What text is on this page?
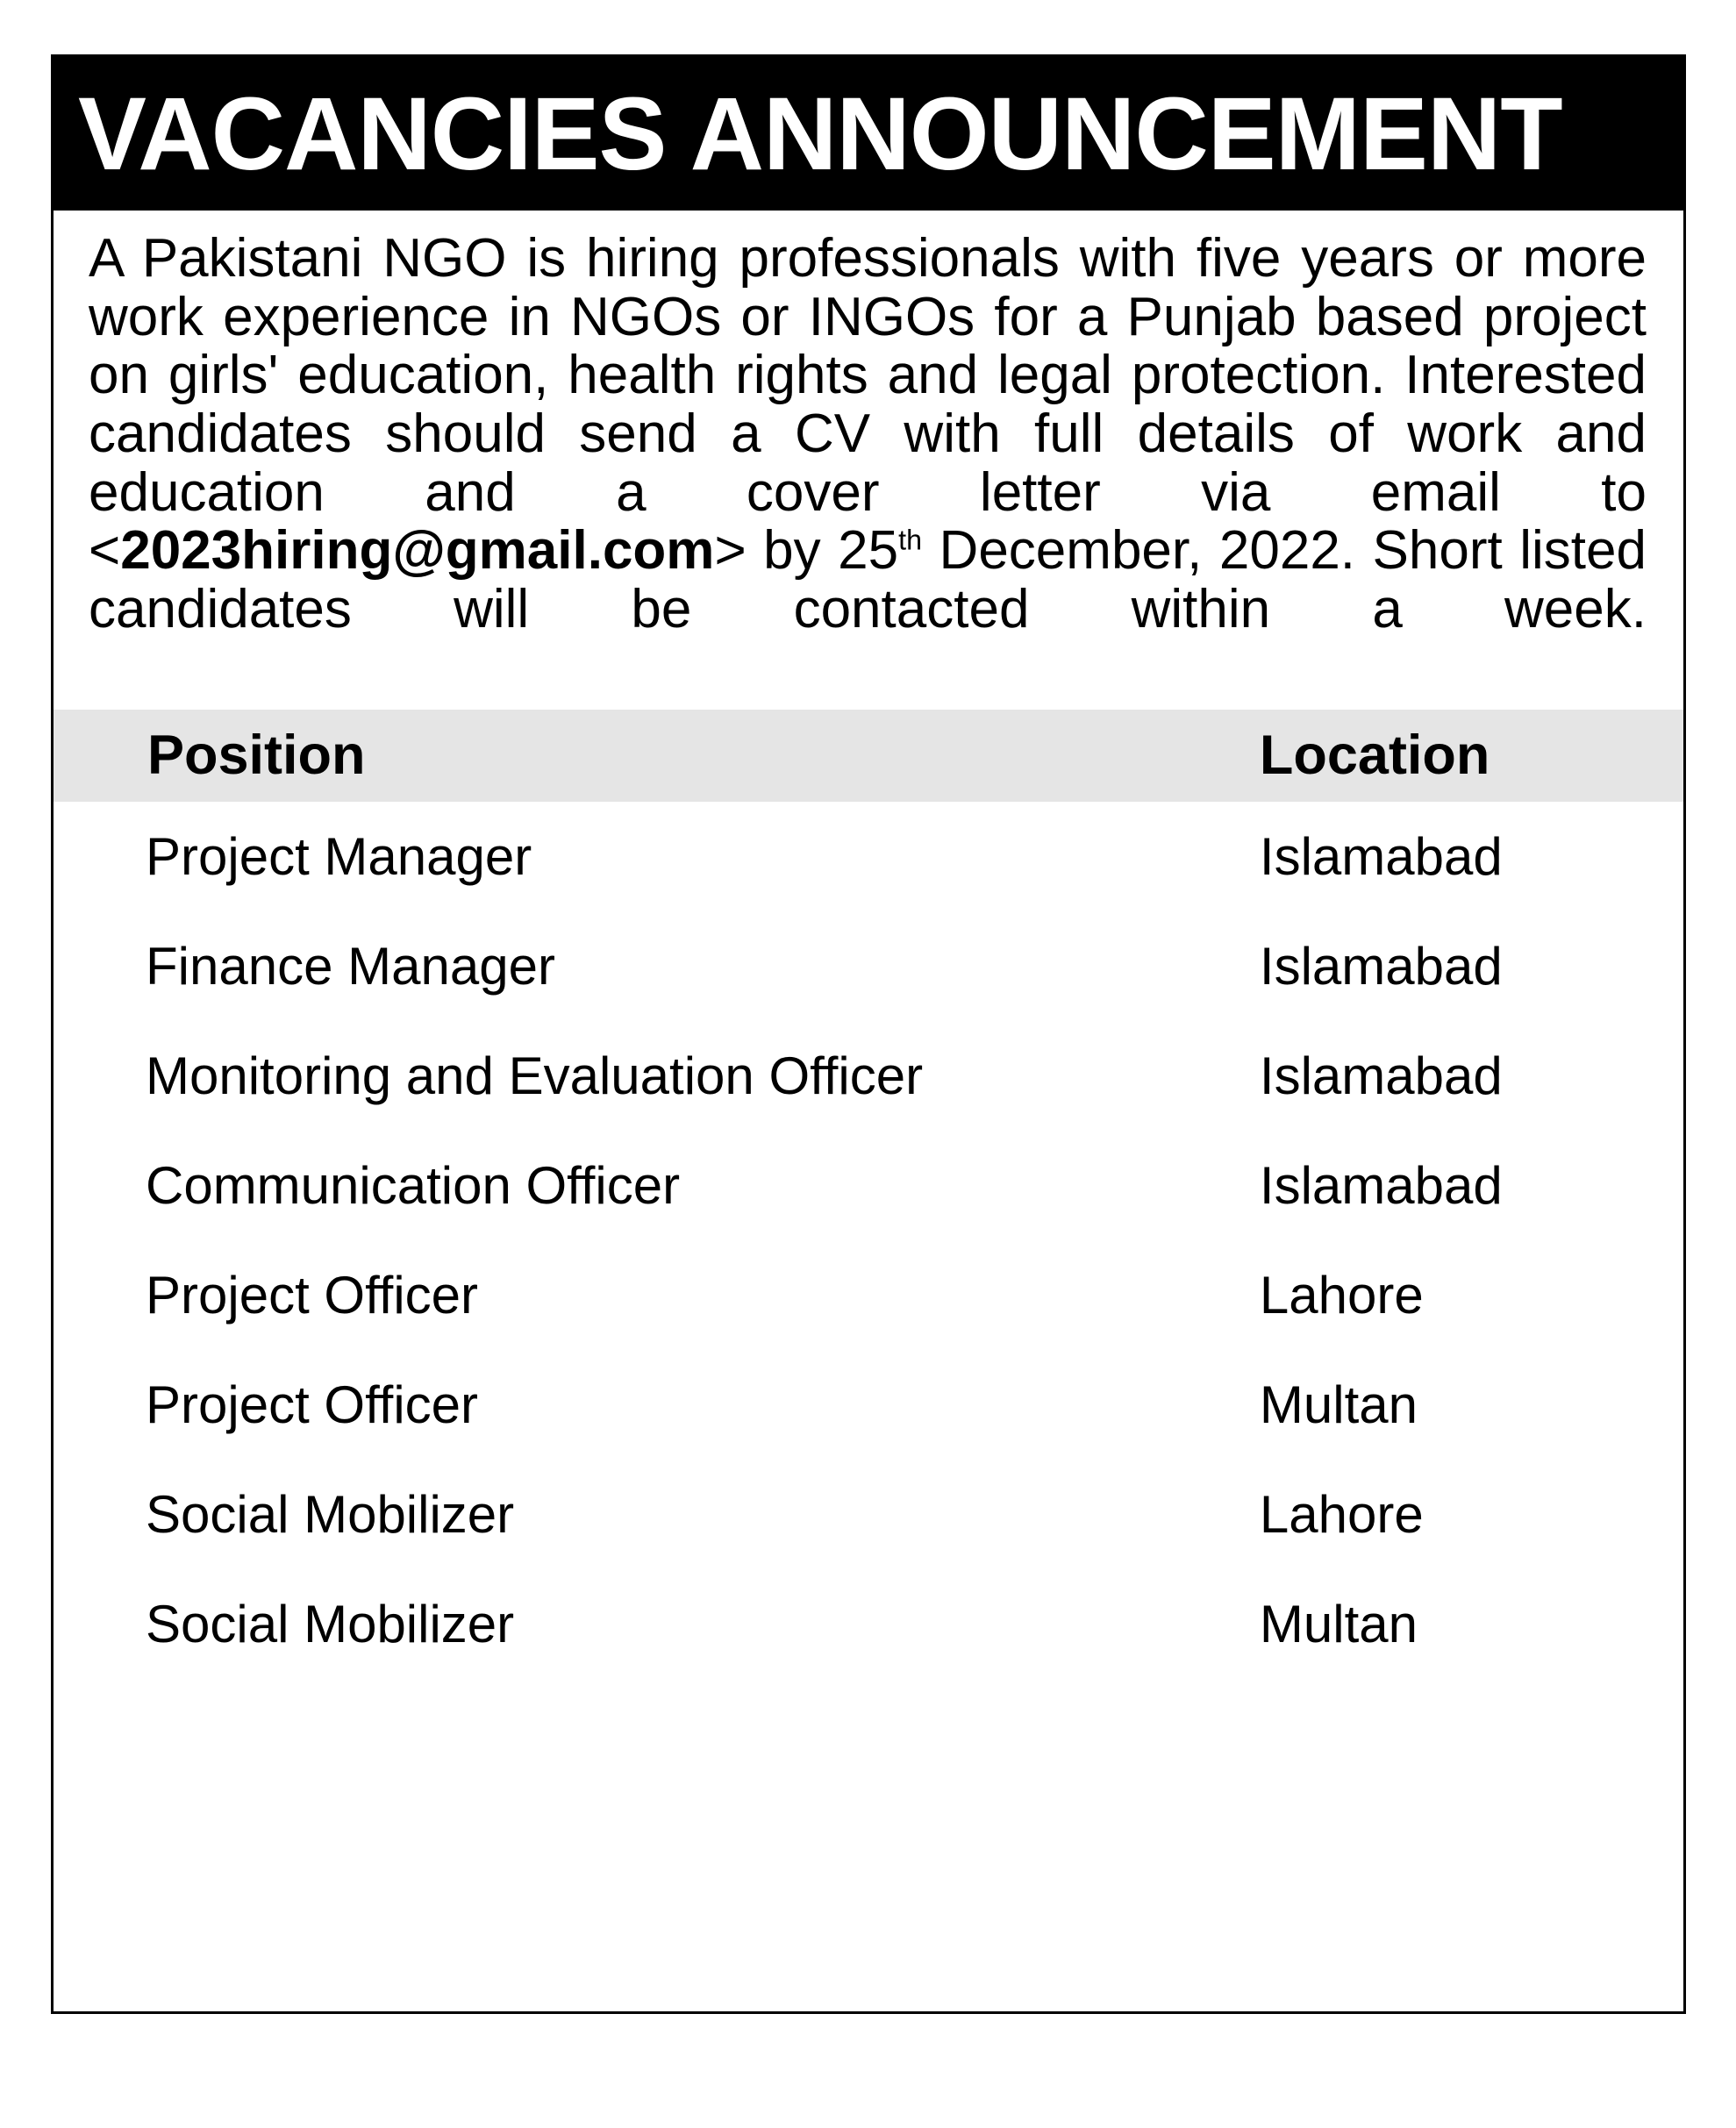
VACANCIES ANNOUNCEMENT

A Pakistani NGO is hiring professionals with five years or more work experience in NGOs or INGOs for a Punjab based project on girls' education, health rights and legal protection. Interested candidates should send a CV with full details of work and education and a cover letter via email to <2023hiring@gmail.com> by 25th December, 2022. Short listed candidates will be contacted within a week.

Position	Location
Project Manager	Islamabad
Finance Manager	Islamabad
Monitoring and Evaluation Officer	Islamabad
Communication Officer	Islamabad
Project Officer	Lahore
Project Officer	Multan
Social Mobilizer	Lahore
Social Mobilizer	Multan
